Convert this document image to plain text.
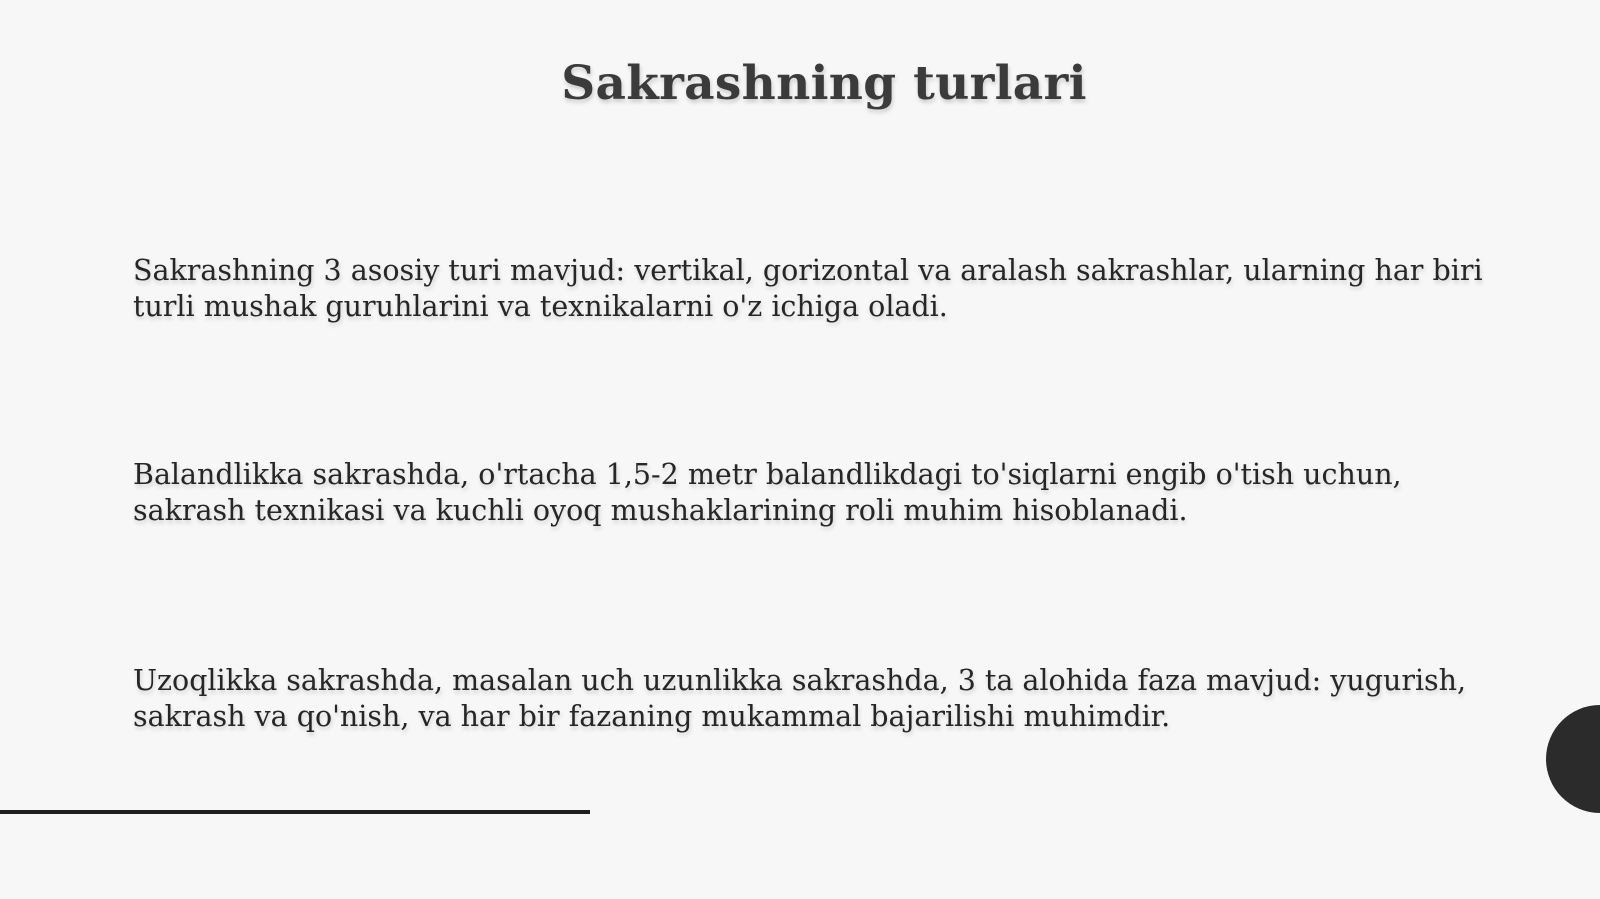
Sakrashning turlari

Sakrashning 3 asosiy turi mavjud: vertikal, gorizontal va aralash sakrashlar, ularning har biri turli mushak guruhlarini va texnikalarni o'z ichiga oladi.

Balandlikka sakrashda, o'rtacha 1,5-2 metr balandlikdagi to'siqlarni engib o'tish uchun, sakrash texnikasi va kuchli oyoq mushaklarining roli muhim hisoblanadi.

Uzoqlikka sakrashda, masalan uch uzunlikka sakrashda, 3 ta alohida faza mavjud: yugurish, sakrash va qo'nish, va har bir fazaning mukammal bajarilishi muhimdir.
